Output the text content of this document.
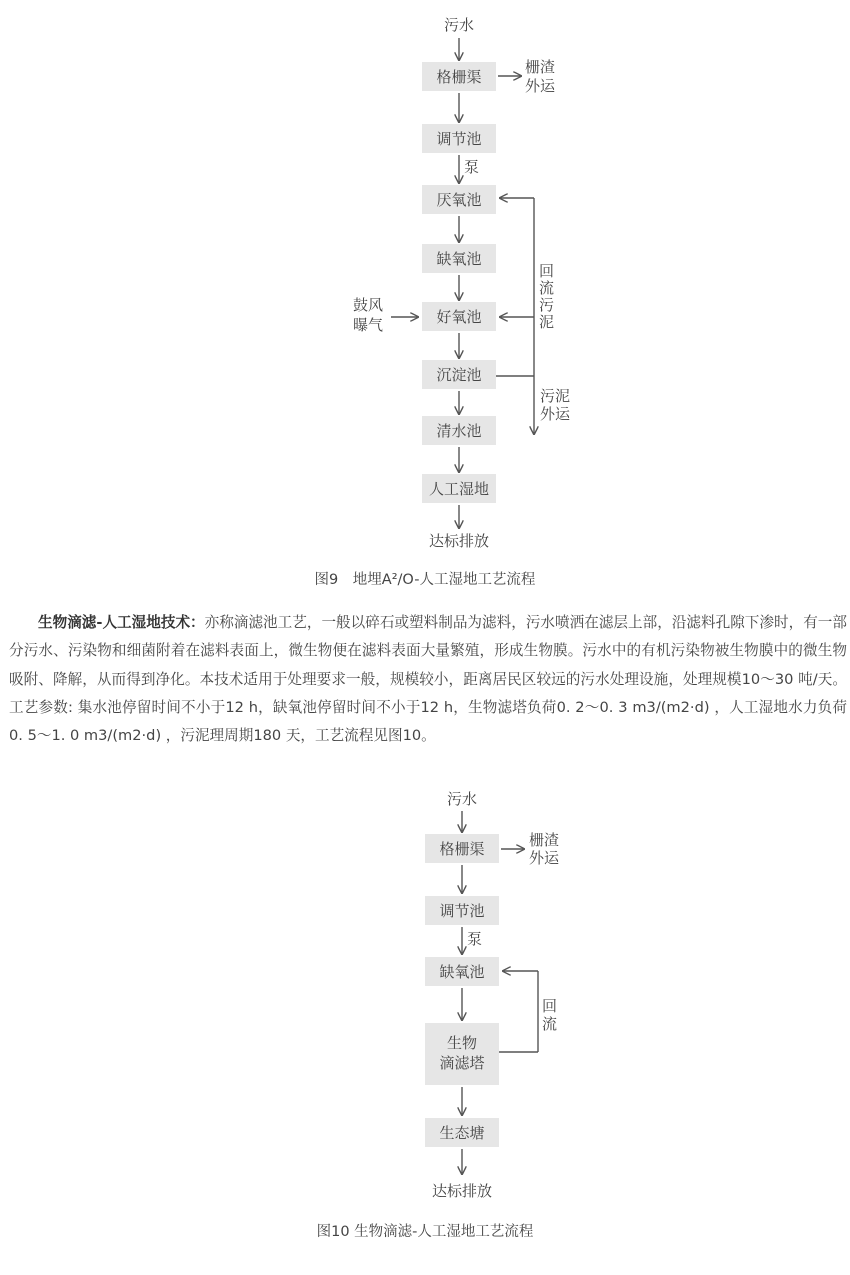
污水
格栅渠
栅渣
外运
调节池
泵
厌氧池
缺氧池
好氧池
鼓风
曝气
沉淀池
清水池
人工湿地
达标排放
回
流
污
泥
污泥
外运
图9　地埋A²/O-人工湿地工艺流程

生物滴滤-人工湿地技术：亦称滴滤池工艺，一般以碎石或塑料制品为滤料，污水喷洒在滤层上部，沿滤料孔隙下渗时，有一部分污水、污染物和细菌附着在滤料表面上，微生物便在滤料表面大量繁殖，形成生物膜。污水中的有机污染物被生物膜中的微生物吸附、降解，从而得到净化。本技术适用于处理要求一般，规模较小，距离居民区较远的污水处理设施，处理规模10～30 吨/天。工艺参数: 集水池停留时间不小于12 h，缺氧池停留时间不小于12 h，生物滤塔负荷0. 2～0. 3 m3/(m2·d) ，人工湿地水力负荷0. 5～1. 0 m3/(m2·d) ，污泥理周期180 天，工艺流程见图10。

污水
格栅渠	栅渣
外运
调节池
泵
缺氧池
生物
滴滤塔
回
流
生态塘
达标排放
图10 生物滴滤-人工湿地工艺流程
